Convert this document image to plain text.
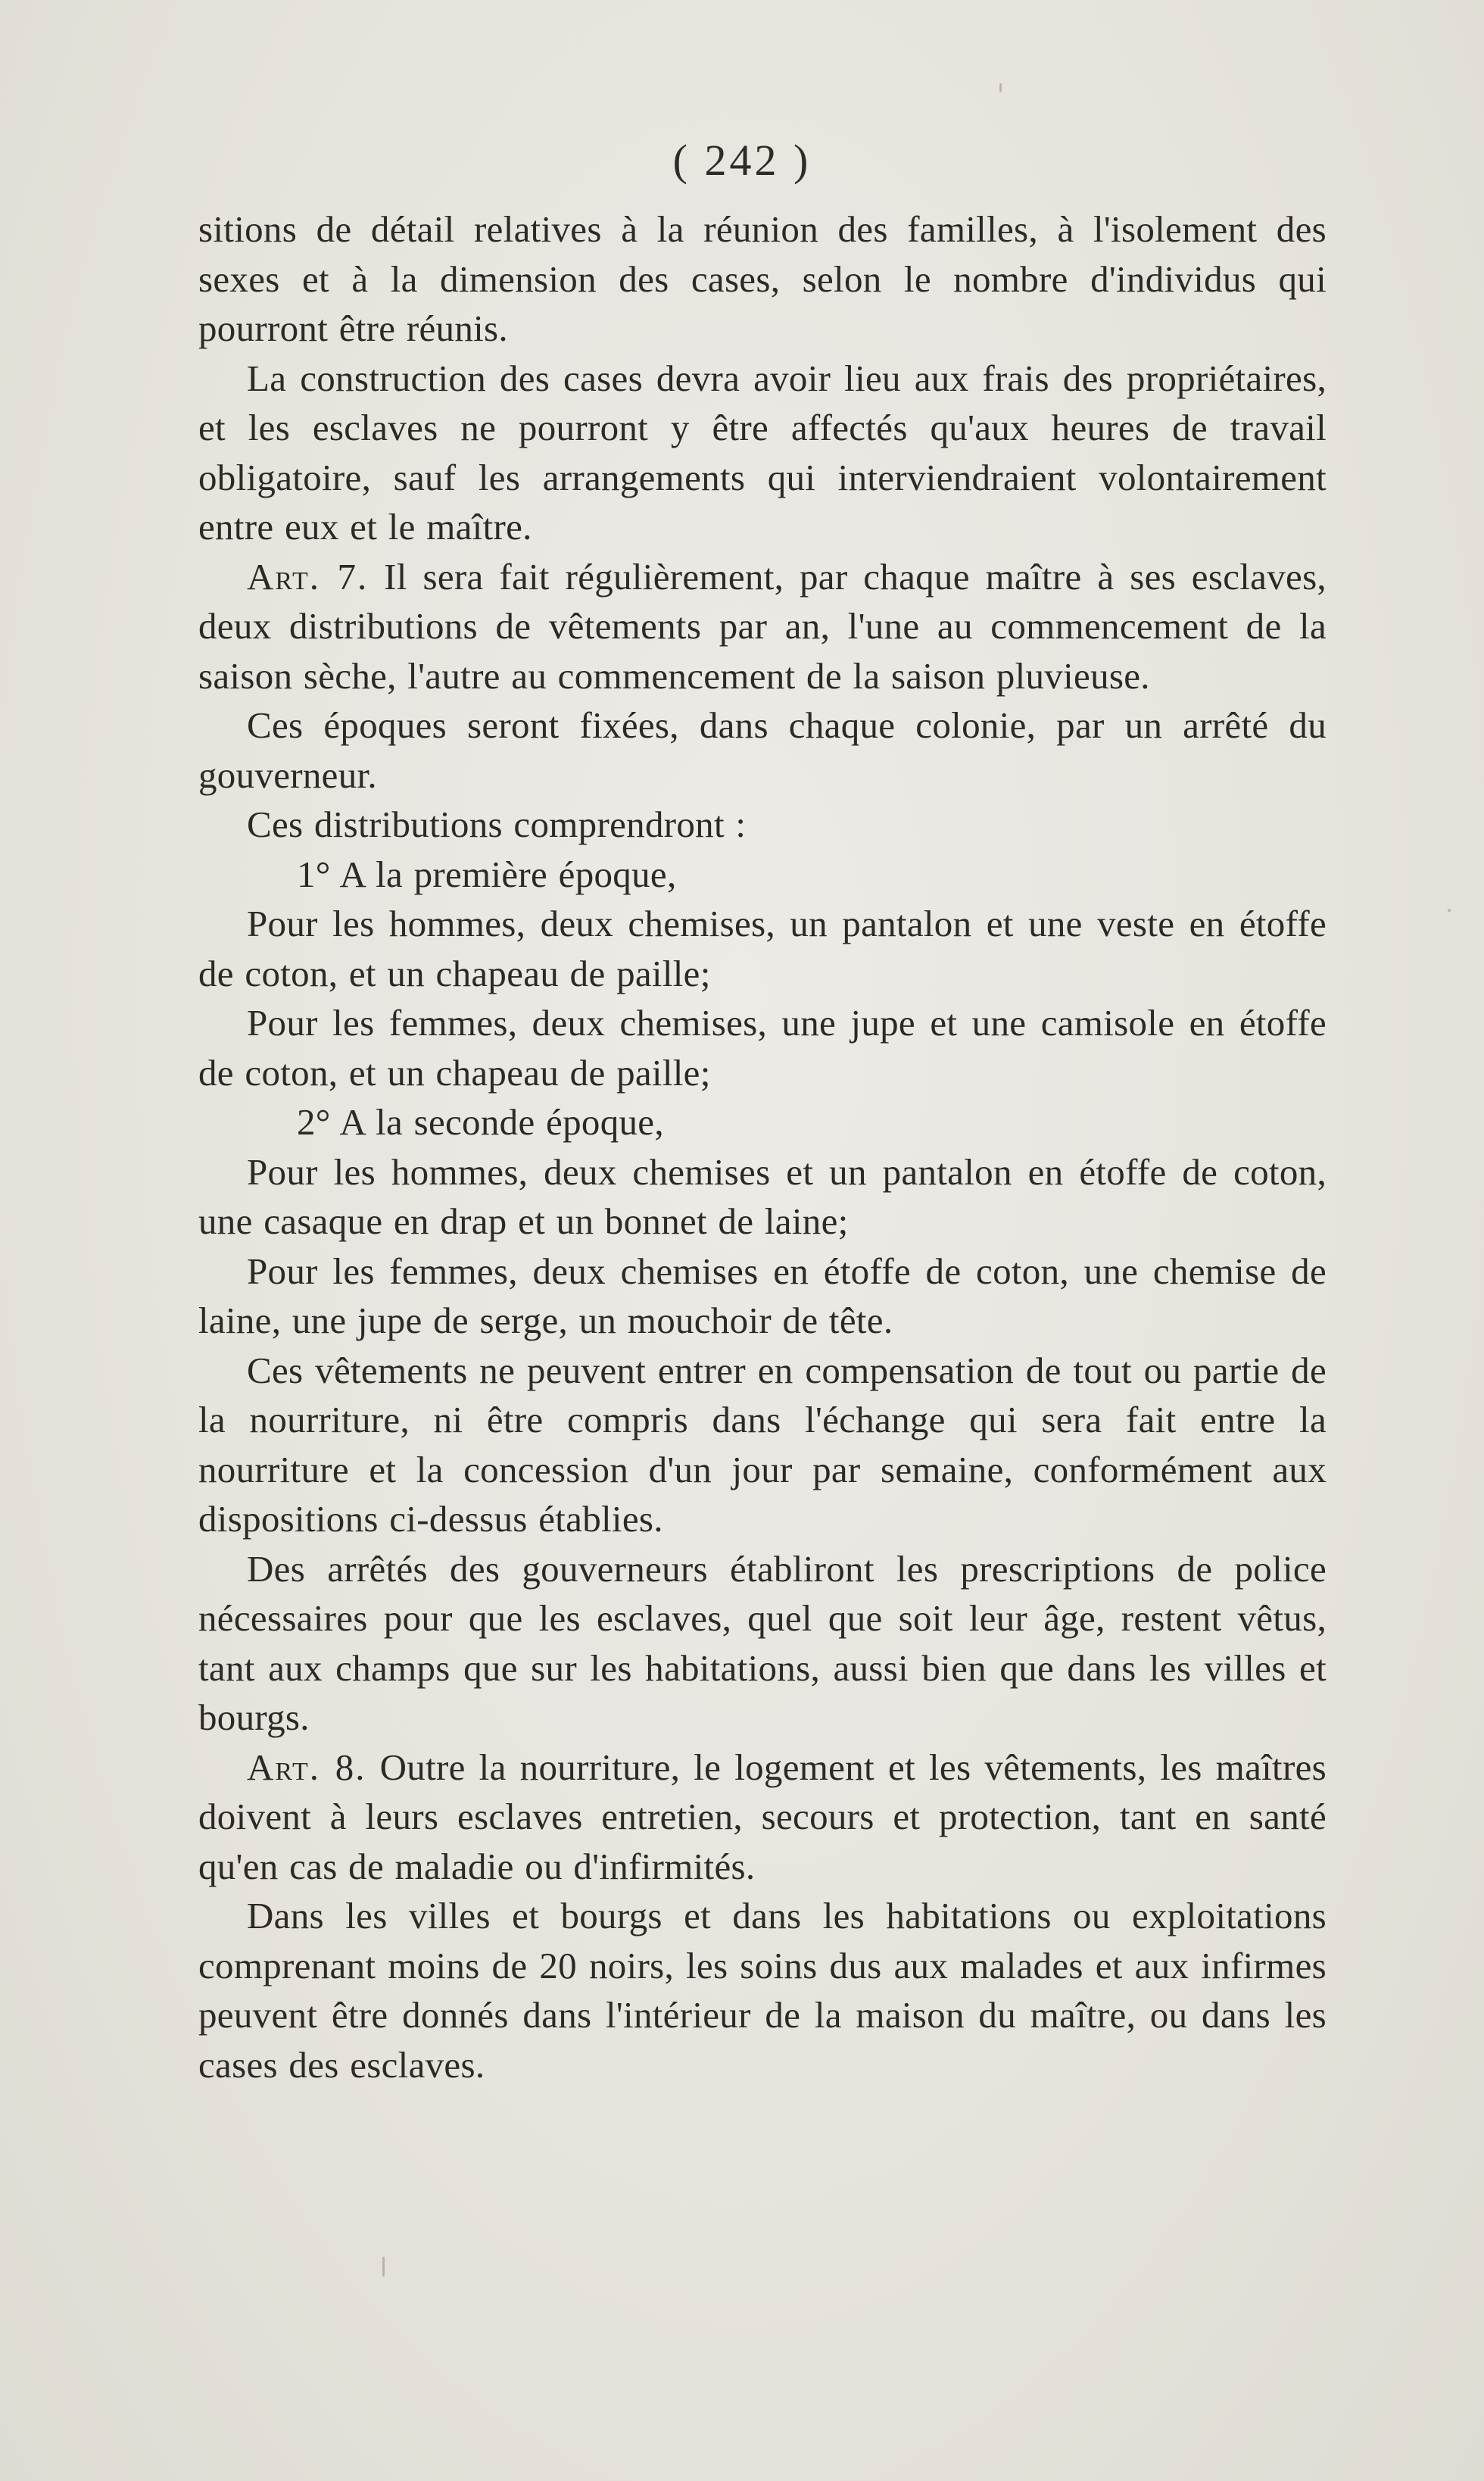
( 242 )

sitions de détail relatives à la réunion des familles, à l'isolement des sexes et à la dimension des cases, selon le nombre d'individus qui pourront être réunis.

La construction des cases devra avoir lieu aux frais des propriétaires, et les esclaves ne pourront y être affectés qu'aux heures de travail obligatoire, sauf les arrangements qui interviendraient volontairement entre eux et le maître.

Art. 7. Il sera fait régulièrement, par chaque maître à ses esclaves, deux distributions de vêtements par an, l'une au commencement de la saison sèche, l'autre au commencement de la saison pluvieuse.

Ces époques seront fixées, dans chaque colonie, par un arrêté du gouverneur.

Ces distributions comprendront :

1° A la première époque,

Pour les hommes, deux chemises, un pantalon et une veste en étoffe de coton, et un chapeau de paille;

Pour les femmes, deux chemises, une jupe et une camisole en étoffe de coton, et un chapeau de paille;

2° A la seconde époque,

Pour les hommes, deux chemises et un pantalon en étoffe de coton, une casaque en drap et un bonnet de laine;

Pour les femmes, deux chemises en étoffe de coton, une chemise de laine, une jupe de serge, un mouchoir de tête.

Ces vêtements ne peuvent entrer en compensation de tout ou partie de la nourriture, ni être compris dans l'échange qui sera fait entre la nourriture et la concession d'un jour par semaine, conformément aux dispositions ci-dessus établies.

Des arrêtés des gouverneurs établiront les prescriptions de police nécessaires pour que les esclaves, quel que soit leur âge, restent vêtus, tant aux champs que sur les habitations, aussi bien que dans les villes et bourgs.

Art. 8. Outre la nourriture, le logement et les vêtements, les maîtres doivent à leurs esclaves entretien, secours et protection, tant en santé qu'en cas de maladie ou d'infirmités.

Dans les villes et bourgs et dans les habitations ou exploitations comprenant moins de 20 noirs, les soins dus aux malades et aux infirmes peuvent être donnés dans l'intérieur de la maison du maître, ou dans les cases des esclaves.
